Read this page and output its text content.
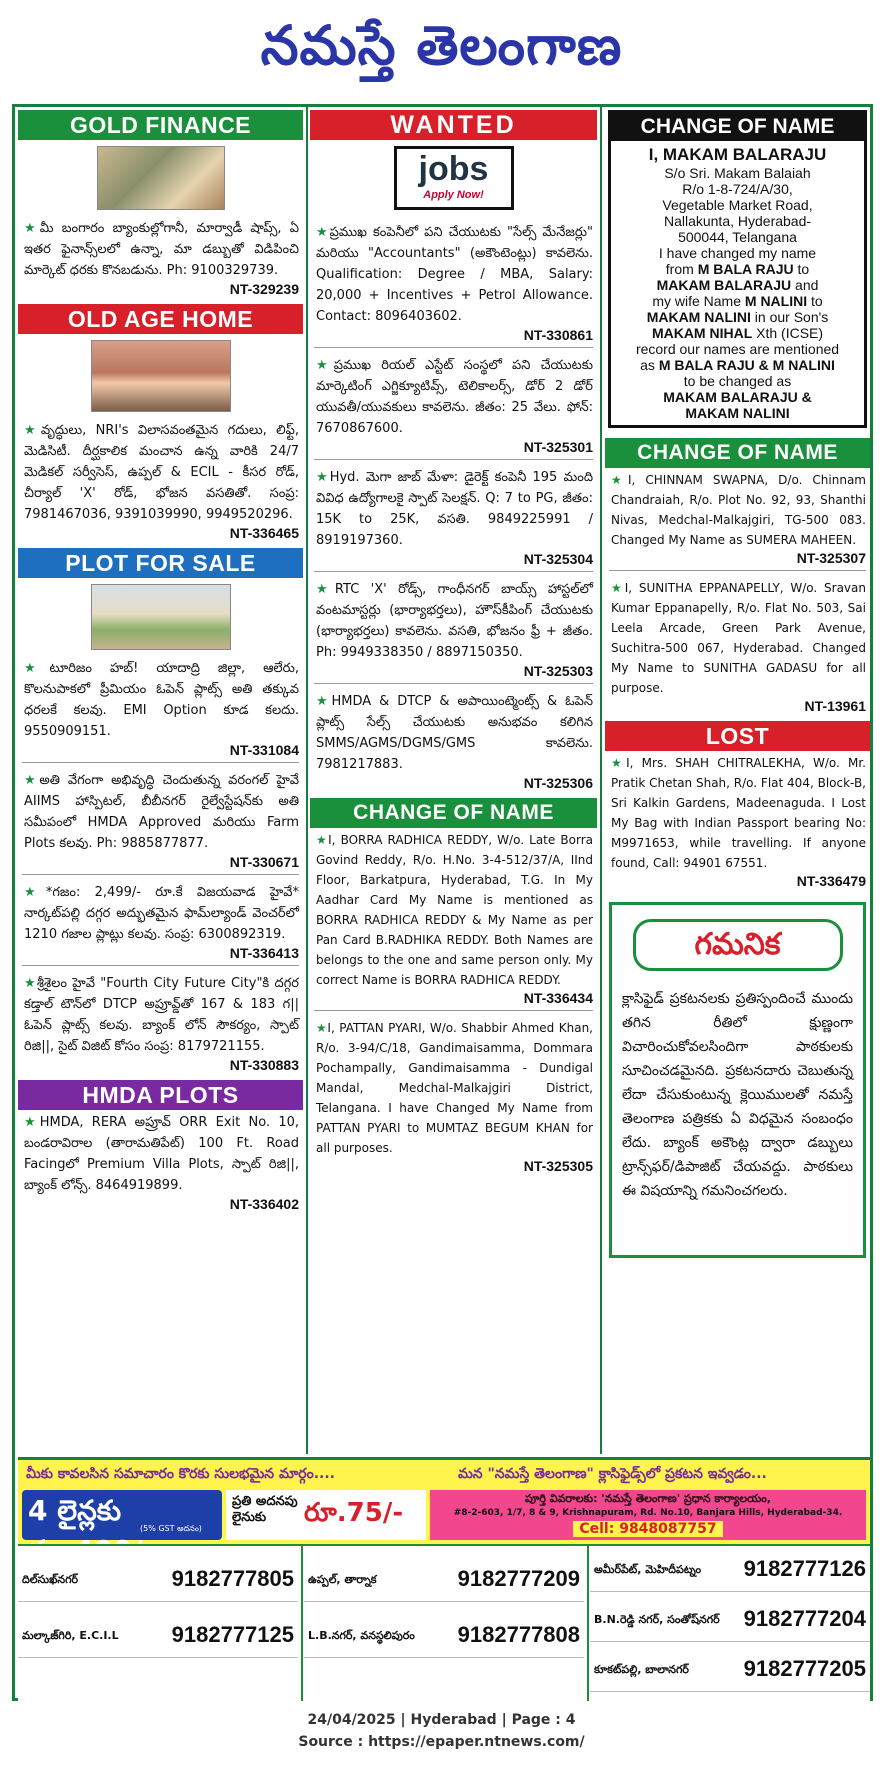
నమస్తే తెలంగాణ
GOLD FINANCE
★మీ బంగారం బ్యాంకుల్లోగానీ, మార్వాడీ షాప్స్, ఏ ఇతర ఫైనాన్స్‌లలో ఉన్నా, మా డబ్బుతో విడిపించి మార్కెట్ ధరకు కొనబడును. Ph: 9100329739.
NT-329239
OLD AGE HOME
★వృద్ధులు, NRI's విలాసవంతమైన గదులు, లిఫ్ట్, మెడిసిటీ. దీర్ఘకాలిక మంచాన ఉన్న వారికి 24/7 మెడికల్ సర్వీసెస్, ఉప్పల్ & ECIL - కీసర రోడ్, చీర్యాల్ 'X' రోడ్, భోజన వసతితో. సంప్ర: 7981467036, 9391039990, 9949520296.
NT-336465
PLOT FOR SALE
★టూరిజం హబ్! యాదాద్రి జిల్లా, ఆలేరు, కొలనుపాకలో ప్రీమియం ఓపెన్ ప్లాట్స్ అతి తక్కువ ధరలకే కలవు. EMI Option కూడ కలదు. 9550909151.
NT-331084
★అతి వేగంగా అభివృద్ధి చెందుతున్న వరంగల్ హైవే AIIMS హాస్పిటల్, బీబీనగర్ రైల్వేస్టేషన్‌కు అతి సమీపంలో HMDA Approved మరియు Farm Plots కలవు. Ph: 9885877877.
NT-330671
★*గజం: 2,499/- రూ.కే విజయవాడ హైవే* నార్కట్‌పల్లి దగ్గర అద్భుతమైన ఫామ్‌ల్యాండ్ వెంచర్‌లో 1210 గజాల ప్లాట్లు కలవు. సంప్ర: 6300892319.
NT-336413
★శ్రీశైలం హైవే "Fourth City Future City"కి దగ్గర కడ్తాల్ టౌన్‌లో DTCP అప్రూవ్డ్‌తో 167 & 183 గ|| ఓపెన్ ప్లాట్స్ కలవు. బ్యాంక్ లోన్ సౌకర్యం, స్పాట్ రిజి||, సైట్ విజిట్ కోసం సంప్ర: 8179721155.
NT-330883
HMDA PLOTS
★HMDA, RERA అప్రూవ్ ORR Exit No. 10, బండరావిరాల (తారామతిపేట్) 100 Ft. Road Facingలో Premium Villa Plots, స్పాట్ రిజి||, బ్యాంక్ లోన్స్. 8464919899.
NT-336402
WANTED
jobs
Apply Now!
★ప్రముఖ కంపెనీలో పని చేయుటకు "సేల్స్ మేనేజర్లు" మరియు "Accountants" (అకౌంటెంట్లు) కావలెను. Qualification: Degree / MBA, Salary: 20,000 + Incentives + Petrol Allowance. Contact: 8096403602.
NT-330861
★ప్రముఖ రియల్ ఎస్టేట్ సంస్థలో పని చేయుటకు మార్కెటింగ్ ఎగ్జిక్యూటివ్స్, టెలికాలర్స్, డోర్ 2 డోర్ యువతీ/యువకులు కావలెను. జీతం: 25 వేలు. ఫోన్: 7670867600.
NT-325301
★Hyd. మెగా జాబ్ మేళా: డైరెక్ట్ కంపెనీ 195 మంది వివిధ ఉద్యోగాలకై స్పాట్ సెలక్షన్. Q: 7 to PG, జీతం: 15K to 25K, వసతి. 9849225991 / 8919197360.
NT-325304
★RTC 'X' రోడ్స్, గాంధీనగర్ బాయ్స్ హాస్టల్‌లో వంటమాస్టర్లు (భార్యాభర్తలు), హౌస్‌కీపింగ్ చేయుటకు (భార్యాభర్తలు) కావలెను. వసతి, భోజనం ఫ్రీ + జీతం. Ph: 9949338350 / 8897150350.
NT-325303
★HMDA & DTCP & అపాయింట్మెంట్స్ & ఓపెన్ ప్లాట్స్ సేల్స్ చేయుటకు అనుభవం కలిగిన SMMS/AGMS/DGMS/GMS కావలెను. 7981217883.
NT-325306
CHANGE OF NAME
★I, BORRA RADHICA REDDY, W/o. Late Borra Govind Reddy, R/o. H.No. 3-4-512/37/A, IInd Floor, Barkatpura, Hyderabad, T.G. In My Aadhar Card My Name is mentioned as BORRA RADHICA REDDY & My Name as per Pan Card B.RADHIKA REDDY. Both Names are belongs to the one and same person only. My correct Name is BORRA RADHICA REDDY.
NT-336434
★I, PATTAN PYARI, W/o. Shabbir Ahmed Khan, R/o. 3-94/C/18, Gandimaisamma, Dommara Pochampally, Gandimaisamma - Dundigal Mandal, Medchal-Malkajgiri District, Telangana. I have Changed My Name from PATTAN PYARI to MUMTAZ BEGUM KHAN for all purposes.
NT-325305
CHANGE OF NAME
I, MAKAM BALARAJU
S/o Sri. Makam Balaiah
R/o 1-8-724/A/30,
Vegetable Market Road,
Nallakunta, Hyderabad-
500044, Telangana
I have changed my name
from M BALA RAJU to
MAKAM BALARAJU and
my wife Name M NALINI to
MAKAM NALINI in our Son's
MAKAM NIHAL Xth (ICSE)
record our names are mentioned
as M BALA RAJU & M NALINI
to be changed as
MAKAM BALARAJU &
MAKAM NALINI
CHANGE OF NAME
★I, CHINNAM SWAPNA, D/o. Chinnam Chandraiah, R/o. Plot No. 92, 93, Shanthi Nivas, Medchal-Malkajgiri, TG-500 083. Changed My Name as SUMERA MAHEEN.
NT-325307
★I, SUNITHA EPPANAPELLY, W/o. Sravan Kumar Eppanapelly, R/o. Flat No. 503, Sai Leela Arcade, Green Park Avenue, Suchitra-500 067, Hyderabad. Changed My Name to SUNITHA GADASU for all purpose.
NT-13961
LOST
★I, Mrs. SHAH CHITRALEKHA, W/o. Mr. Pratik Chetan Shah, R/o. Flat 404, Block-B, Sri Kalkin Gardens, Madeenaguda. I Lost My Bag with Indian Passport bearing No: M9971653, while travelling. If anyone found, Call: 94901 67551.
NT-336479
గమనిక
క్లాసిఫైడ్ ప్రకటనలకు ప్రతిస్పందించే ముందు తగిన రీతిలో క్షుణ్ణంగా విచారించుకోవలసిందిగా పాఠకులకు సూచించడమైనది. ప్రకటనదారు చెబుతున్న లేదా చేసుకుంటున్న క్లెయిములతో నమస్తే తెలంగాణ పత్రికకు ఏ విధమైన సంబంధం లేదు. బ్యాంక్ అకౌంట్ల ద్వారా డబ్బులు ట్రాన్స్‌ఫర్/డిపాజిట్ చేయవద్దు. పాఠకులు ఈ విషయాన్ని గమనించగలరు.
మీకు కావలసిన సమాచారం కొరకు సులభమైన మార్గం....	మన "నమస్తే తెలంగాణ" క్లాసిఫైడ్స్‌లో ప్రకటన ఇవ్వడం...
4 లైన్లకు
(5% GST అదనం)
ప్రతి అదనపు లైనుకు	రూ.75/-	పూర్తి వివరాలకు: 'నమస్తే తెలంగాణ' ప్రధాన కార్యాలయం,
#8-2-603, 1/7, 8 & 9, Krishnapuram, Rd. No.10, Banjara Hills, Hyderabad-34.
Cell: 9848087757
దిల్‌సుఖ్‌నగర్	9182777805
మల్కాజ్‌గిరి, E.C.I.L 9182777125
ఉప్పల్, తార్నాక	9182777209
L.B.నగర్, వనస్థలిపురం 9182777808
అమీర్‌పేట్, మెహిదీపట్నం 9182777126
B.N.రెడ్డి నగర్, సంతోష్‌నగర్ 9182777204
కూకట్‌పల్లి, బాలానగర్ 9182777205
24/04/2025 | Hyderabad | Page : 4
Source : https://epaper.ntnews.com/
